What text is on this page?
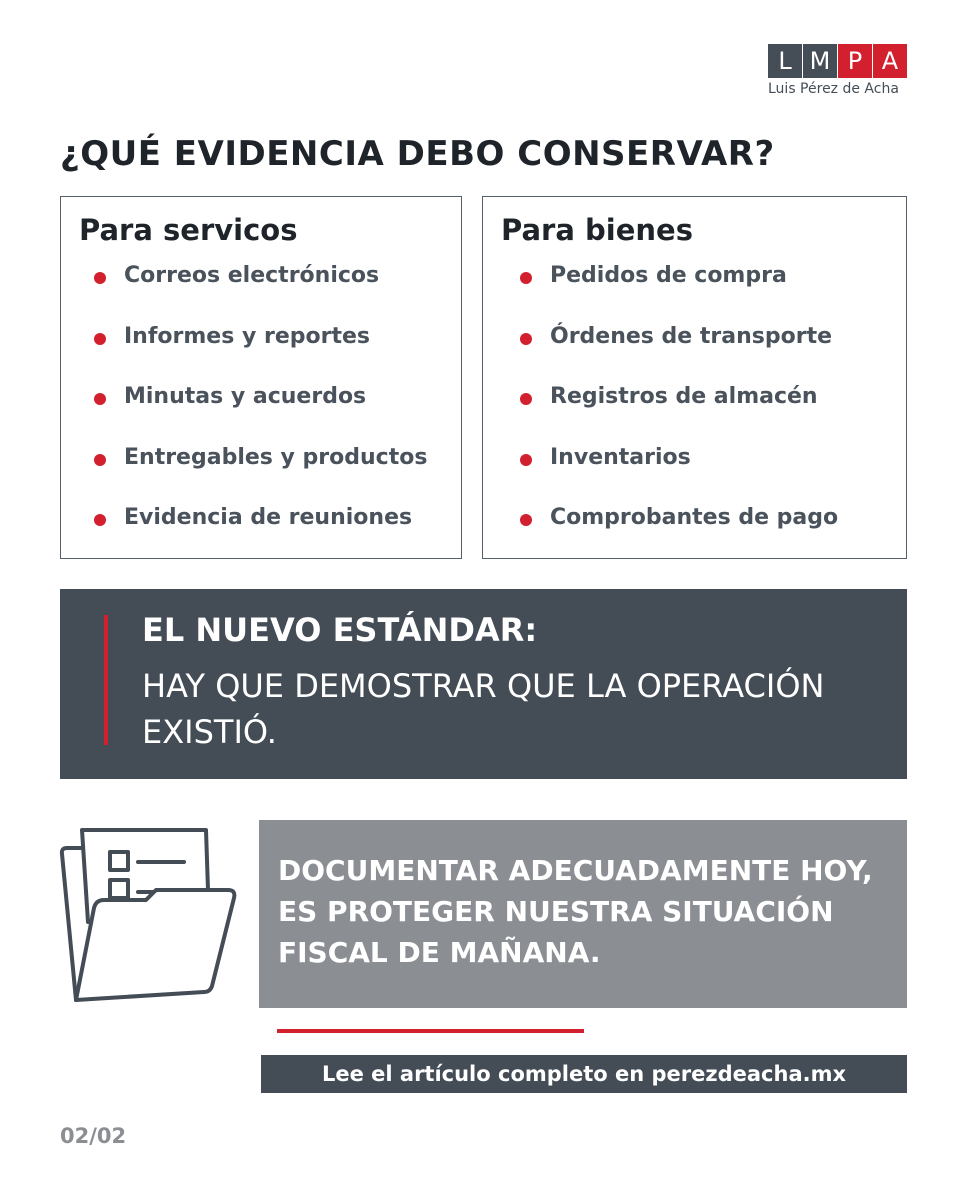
L M P A
Luis Pérez de Acha
¿QUÉ EVIDENCIA DEBO CONSERVAR?
Para servicos
Correos electrónicos
Informes y reportes
Minutas y acuerdos
Entregables y productos
Evidencia de reuniones
Para bienes
Pedidos de compra
Órdenes de transporte
Registros de almacén
Inventarios
Comprobantes de pago
EL NUEVO ESTÁNDAR:
HAY QUE DEMOSTRAR QUE LA OPERACIÓN EXISTIÓ.

DOCUMENTAR ADECUADAMENTE HOY, ES PROTEGER NUESTRA SITUACIÓN FISCAL DE MAÑANA.

Lee el artículo completo en perezdeacha.mx
02/02
